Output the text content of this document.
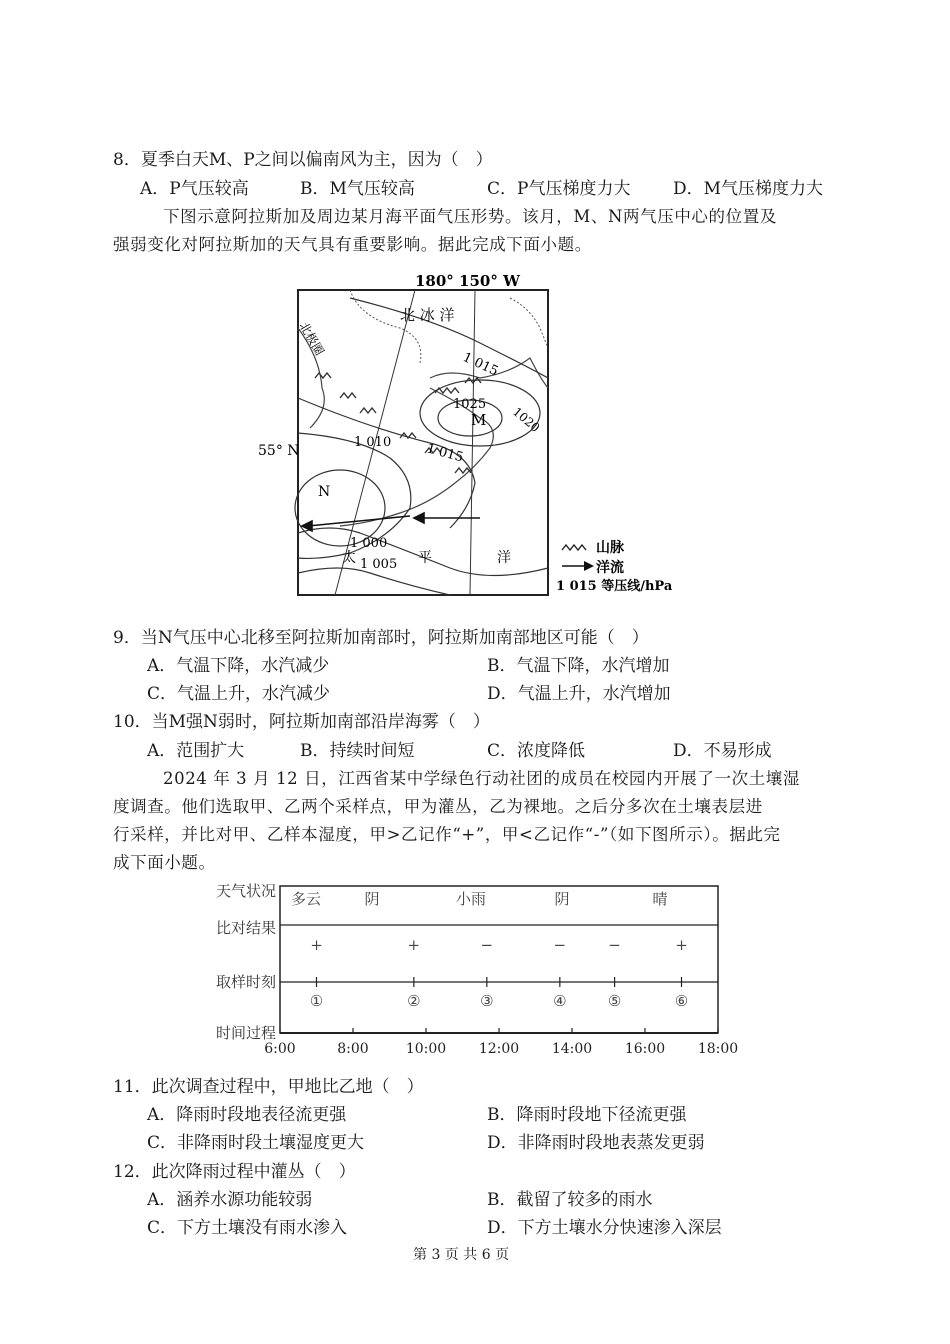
8．夏季白天M、P之间以偏南风为主，因为（　）
A．P气压较高	B．M气压较高	C．P气压梯度力大	D．M气压梯度力大
下图示意阿拉斯加及周边某月海平面气压形势。该月，M、N两气压中心的位置及
强弱变化对阿拉斯加的天气具有重要影响。据此完成下面小题。
180° 150° W
55° N
北 冰 洋
北极圈
M
N
1025
1020
1 015
1 015
1 010
1 000
1 005
太	平	洋
山脉
洋流
1 015 等压线/hPa
9．当N气压中心北移至阿拉斯加南部时，阿拉斯加南部地区可能（　）
A．气温下降，水汽减少	B．气温下降，水汽增加
C．气温上升，水汽减少	D．气温上升，水汽增加
10．当M强N弱时，阿拉斯加南部沿岸海雾（　）
A．范围扩大	B．持续时间短	C．浓度降低	D．不易形成
2024 年 3 月 12 日，江西省某中学绿色行动社团的成员在校园内开展了一次土壤湿
度调查。他们选取甲、乙两个采样点，甲为灌丛，乙为裸地。之后分多次在土壤表层进
行采样，并比对甲、乙样本湿度，甲>乙记作“+”，甲<乙记作“-”（如下图所示）。据此完
成下面小题。
天气状况
比对结果
取样时刻
时间过程
多云	阴	小雨	阴	晴
6:00	8:00	10:00 12:00 14:00 16:00 18:00
+
①
+
②
−
③
−
④
−
⑤
+
⑥
11．此次调查过程中，甲地比乙地（　）
A．降雨时段地表径流更强	B．降雨时段地下径流更强
C．非降雨时段土壤湿度更大	D．非降雨时段地表蒸发更弱
12．此次降雨过程中灌丛（　）
A．涵养水源功能较弱	B．截留了较多的雨水
C．下方土壤没有雨水渗入	D．下方土壤水分快速渗入深层
第 3 页 共 6 页
